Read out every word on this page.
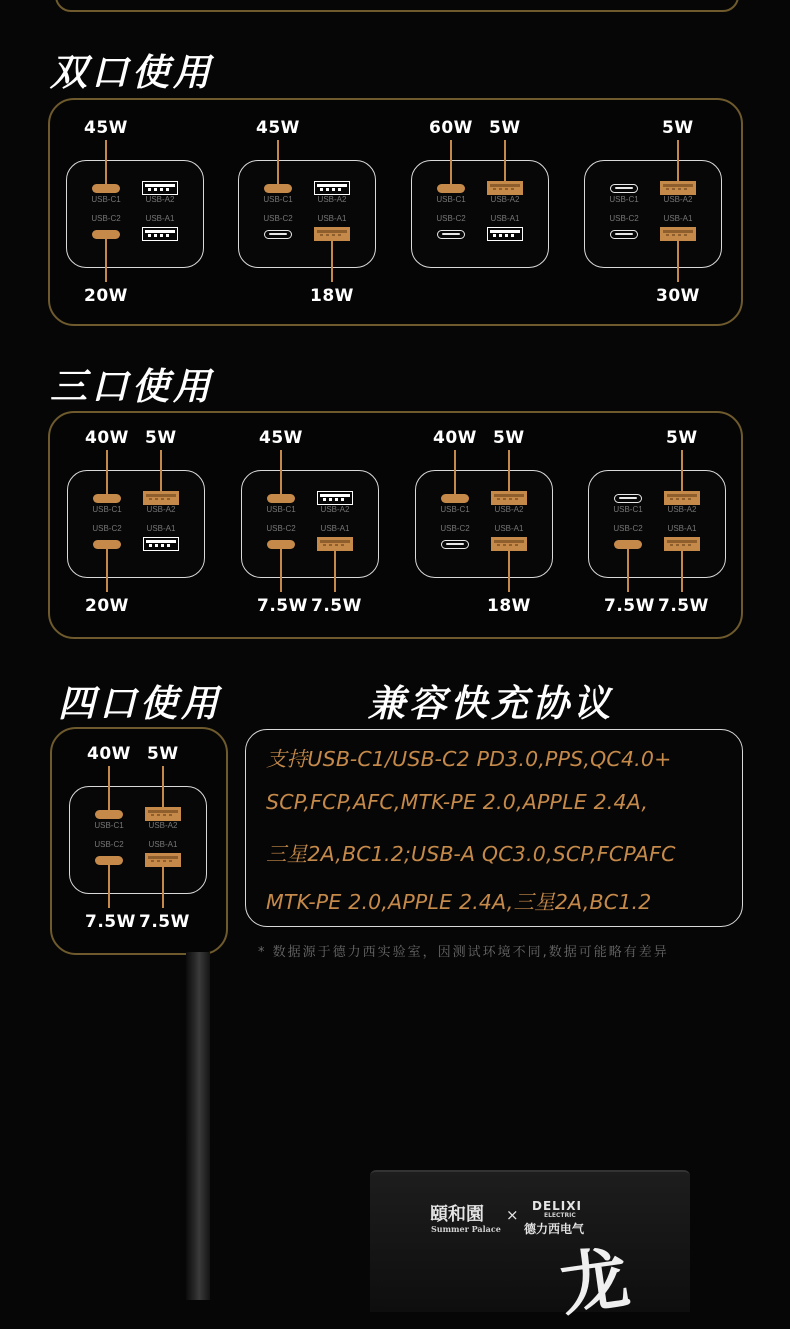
双口使用
三口使用
四口使用	兼容快充协议
USB-C1	USB-A2
USB-C2	USB-A1
45W
20W
USB-C1	USB-A2
USB-C2	USB-A1
45W
18W
USB-C1	USB-A2
USB-C2	USB-A1
60W 5W
USB-C1	USB-A2
USB-C2	USB-A1
5W
30W
USB-C1	USB-A2
USB-C2	USB-A1
40W 5W
20W
USB-C1	USB-A2
USB-C2	USB-A1
45W
7.5W 7.5W
USB-C1	USB-A2
USB-C2	USB-A1
40W 5W
18W
USB-C1	USB-A2
USB-C2	USB-A1
5W
7.5W 7.5W
USB-C1	USB-A2
USB-C2	USB-A1
40W 5W
7.5W 7.5W
支持USB-C1/USB-C2 PD3.0,PPS,QC4.0+
SCP,FCP,AFC,MTK-PE 2.0,APPLE 2.4A,
三星2A,BC1.2;USB-A QC3.0,SCP,FCPAFC
MTK-PE 2.0,APPLE 2.4A,三星2A,BC1.2
* 数据源于德力西实验室，因测试环境不同,数据可能略有差异
頤和園
Summer Palace
× DELIXI
ELECTRIC
德力西电气
龙
